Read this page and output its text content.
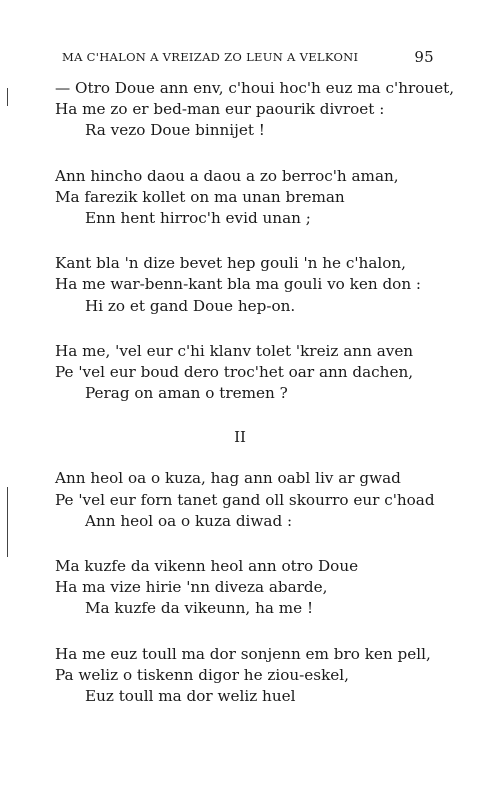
MA C'HALON A VREIZAD ZO LEUN A VELKONI	95
— Otro Doue ann env, c'houi hoc'h euz ma c'hrouet,
Ha me zo er bed-man eur paourik divroet :
Ra vezo Doue binnijet !
Ann hincho daou a daou a zo berroc'h aman,
Ma farezik kollet on ma unan breman
Enn hent hirroc'h evid unan ;
Kant bla 'n dize bevet hep gouli 'n he c'halon,
Ha me war-benn-kant bla ma gouli vo ken don :
Hi zo et gand Doue hep-on.
Ha me, 'vel eur c'hi klanv tolet 'kreiz ann aven
Pe 'vel eur boud dero troc'het oar ann dachen,
Perag on aman o tremen ?
II
Ann heol oa o kuza, hag ann oabl liv ar gwad
Pe 'vel eur forn tanet gand oll skourro eur c'hoad
Ann heol oa o kuza diwad :
Ma kuzfe da vikenn heol ann otro Doue
Ha ma vize hirie 'nn diveza abarde,
Ma kuzfe da vikeunn, ha me !
Ha me euz toull ma dor sonjenn em bro ken pell,
Pa weliz o tiskenn digor he ziou-eskel,
Euz toull ma dor weliz huel
